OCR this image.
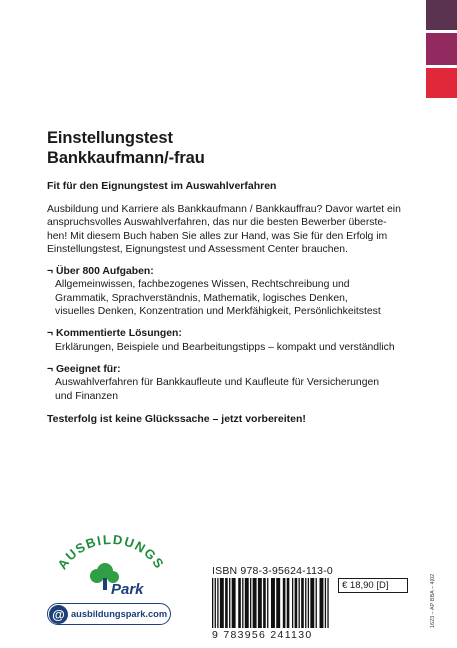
Einstellungstest
Bankkaufmann/-frau
Fit für den Eignungstest im Auswahlverfahren
Ausbildung und Karriere als Bankkaufmann / Bankkauffrau? Davor wartet ein
anspruchsvolles Auswahlverfahren, das nur die besten Bewerber überste-
hen! Mit diesem Buch haben Sie alles zur Hand, was Sie für den Erfolg im
Einstellungstest, Eignungstest und Assessment Center brauchen.
¬ Über 800 Aufgaben:
Allgemeinwissen, fachbezogenes Wissen, Rechtschreibung und
Grammatik, Sprachverständnis, Mathematik, logisches Denken,
visuelles Denken, Konzentration und Merkfähigkeit, Persönlichkeitstest
¬ Kommentierte Lösungen:
Erklärungen, Beispiele und Bearbeitungstipps – kompakt und verständlich
¬ Geeignet für:
Auswahlverfahren für Bankkaufleute und Kaufleute für Versicherungen
und Finanzen
Testerfolg ist keine Glückssache – jetzt vorbereiten!
AUSBILDUNGS
Park
@ ausbildungspark.com
ISBN 978-3-95624-113-0
9 783956 241130
€ 18,90 [D]	1623 – AP BBA – 4|02
